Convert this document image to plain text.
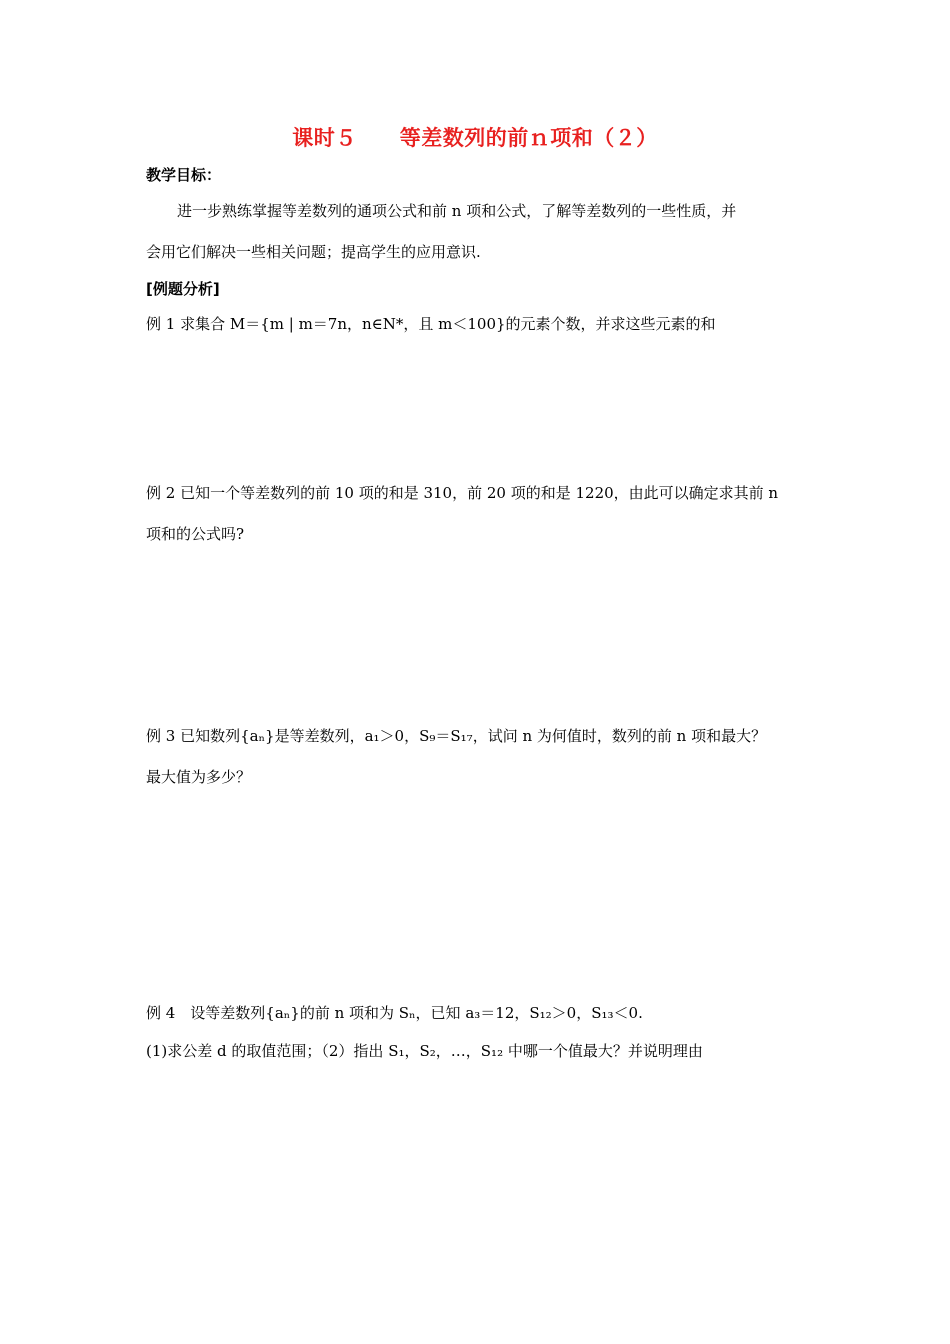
课时５　　等差数列的前ｎ项和（２）
教学目标：
进一步熟练掌握等差数列的通项公式和前 n 项和公式，了解等差数列的一些性质，并
会用它们解决一些相关问题；提高学生的应用意识.
[例题分析]
例 1 求集合 M＝{m | m＝7n，n∈N*，且 m＜100}的元素个数，并求这些元素的和
例 2 已知一个等差数列的前 10 项的和是 310，前 20 项的和是 1220，由此可以确定求其前 n
项和的公式吗?
例 3 已知数列{aₙ}是等差数列，a₁＞0，S₉＝S₁₇，试问 n 为何值时，数列的前 n 项和最大？
最大值为多少？
例 4　设等差数列{aₙ}的前 n 项和为 Sₙ，已知 a₃＝12，S₁₂＞0，S₁₃＜0.
(1)求公差 d 的取值范围；（2）指出 S₁，S₂，…，S₁₂ 中哪一个值最大？并说明理由
